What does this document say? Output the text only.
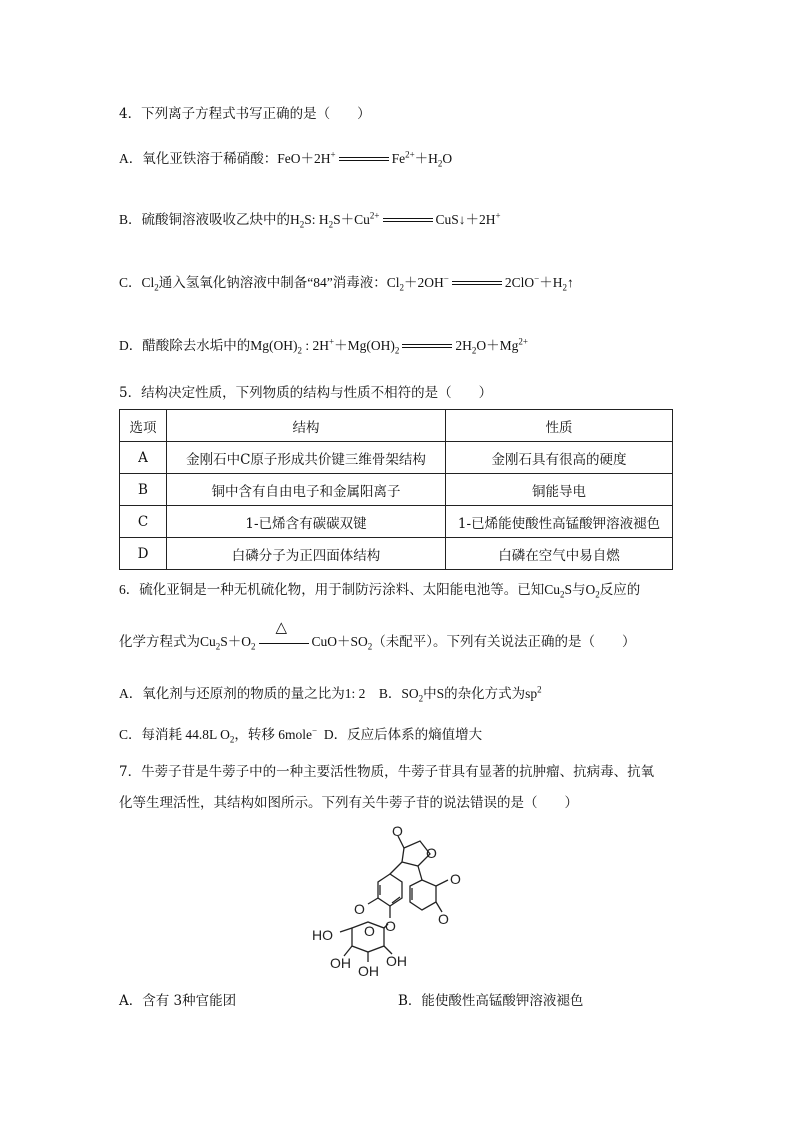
4．下列离子方程式书写正确的是（　　）
A．氧化亚铁溶于稀硝酸：FeO＋2H+	$Fe^{2+}+H_2O$
B．硫酸铜溶液吸收乙炔中的$H_2S$: $H_2S+Cu^{2+}$	CuS↓＋2H+
C．$Cl_2$通入氢氧化钠溶液中制备“84”消毒液：$Cl_2+2OH^-$	$2ClO^-+H_2↑$
D．醋酸除去水垢中的$Mg(OH)_2$ : $2H^++Mg(OH)_2$	$2H_2O+Mg^{2+}$
5．结构决定性质，下列物质的结构与性质不相符的是（　　）
选项	结构	性质
A	金刚石中C原子形成共价键三维骨架结构	金刚石具有很高的硬度
B	铜中含有自由电子和金属阳离子	铜能导电
C	1-已烯含有碳碳双键	1-已烯能使酸性高锰酸钾溶液褪色
D	白磷分子为正四面体结构	白磷在空气中易自燃
6．硫化亚铜是一种无机硫化物，用于制防污涂料、太阳能电池等。已知$Cu_2S$与$O_2$反应的
化学方程式为$Cu_2S+O_2$
△
$CuO+SO_2$（未配平）。下列有关说法正确的是（　　）
A．氧化剂与还原剂的物质的量之比为1: 2 B．$SO_2$中S的杂化方式为$sp^2$
C．每消耗 44.8L $O_2$，转移 6mole− D．反应后体系的熵值增大
7．牛蒡子苷是牛蒡子中的一种主要活性物质，牛蒡子苷具有显著的抗肿瘤、抗病毒、抗氧
化等生理活性，其结构如图所示。下列有关牛蒡子苷的说法错误的是（　　）
O
O
O
O
O
O
O
HO
OH OH
OH
A．含有 3种官能团	B．能使酸性高锰酸钾溶液褪色
